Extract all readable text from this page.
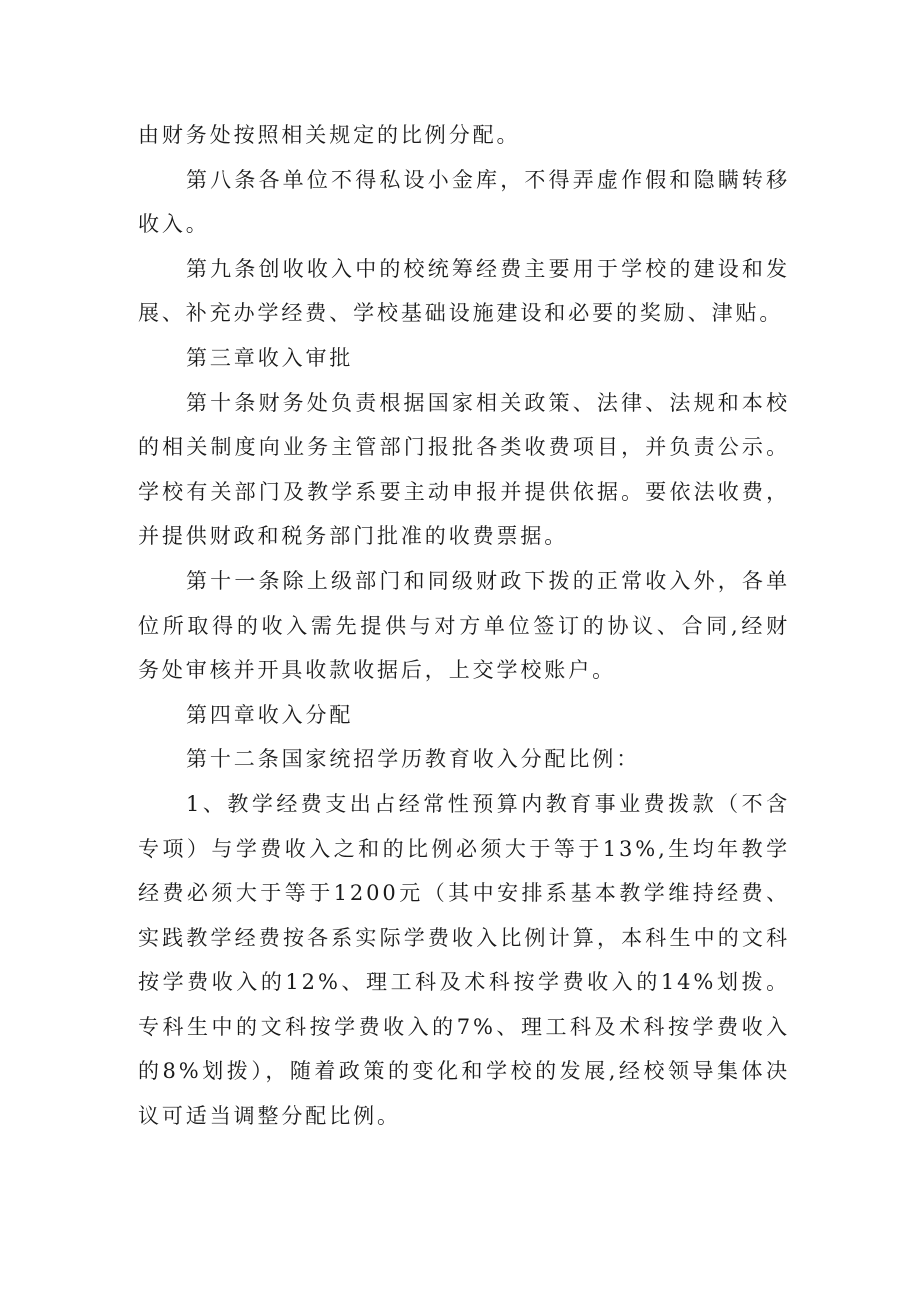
由财务处按照相关规定的比例分配。

第八条各单位不得私设小金库，不得弄虚作假和隐瞒转移收入。

第九条创收收入中的校统筹经费主要用于学校的建设和发展、补充办学经费、学校基础设施建设和必要的奖励、津贴。

第三章收入审批

第十条财务处负责根据国家相关政策、法律、法规和本校的相关制度向业务主管部门报批各类收费项目，并负责公示。学校有关部门及教学系要主动申报并提供依据。要依法收费，并提供财政和税务部门批准的收费票据。

第十一条除上级部门和同级财政下拨的正常收入外，各单位所取得的收入需先提供与对方单位签订的协议、合同,经财务处审核并开具收款收据后，上交学校账户。

第四章收入分配

第十二条国家统招学历教育收入分配比例：

1、教学经费支出占经常性预算内教育事业费拨款（不含专项）与学费收入之和的比例必须大于等于13%,生均年教学经费必须大于等于1200元（其中安排系基本教学维持经费、实践教学经费按各系实际学费收入比例计算，本科生中的文科按学费收入的12%、理工科及术科按学费收入的14%划拨。专科生中的文科按学费收入的7%、理工科及术科按学费收入的8%划拨），随着政策的变化和学校的发展,经校领导集体决议可适当调整分配比例。
